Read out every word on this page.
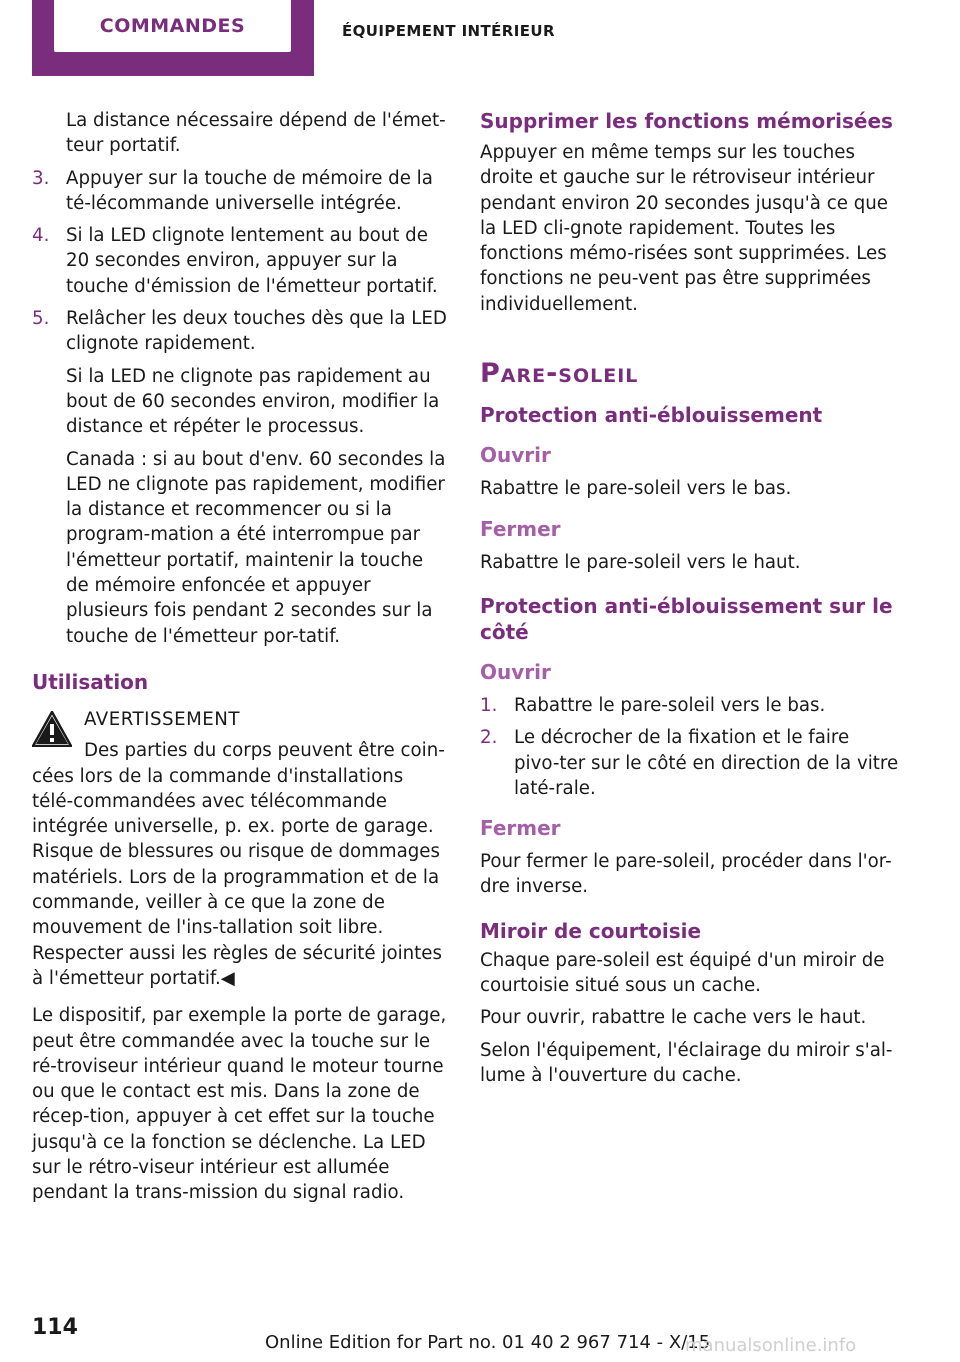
COMMANDES	ÉQUIPEMENT INTÉRIEUR

La distance nécessaire dépend de l'émet-teur portatif.

3. Appuyer sur la touche de mémoire de la té-lécommande universelle intégrée.
4. Si la LED clignote lentement au bout de 20 secondes environ, appuyer sur la touche d'émission de l'émetteur portatif.
5. Relâcher les deux touches dès que la LED clignote rapidement.

Si la LED ne clignote pas rapidement au bout de 60 secondes environ, modifier la distance et répéter le processus.

Canada : si au bout d'env. 60 secondes la LED ne clignote pas rapidement, modifier la distance et recommencer ou si la program-mation a été interrompue par l'émetteur portatif, maintenir la touche de mémoire enfoncée et appuyer plusieurs fois pendant 2 secondes sur la touche de l'émetteur por-tatif.

Utilisation
AVERTISSEMENT
Des parties du corps peuvent être coin-

cées lors de la commande d'installations télé-commandées avec télécommande intégrée universelle, p. ex. porte de garage. Risque de blessures ou risque de dommages matériels. Lors de la programmation et de la commande, veiller à ce que la zone de mouvement de l'ins-tallation soit libre. Respecter aussi les règles de sécurité jointes à l'émetteur portatif.◀

Le dispositif, par exemple la porte de garage, peut être commandée avec la touche sur le ré-troviseur intérieur quand le moteur tourne ou que le contact est mis. Dans la zone de récep-tion, appuyer à cet effet sur la touche jusqu'à ce la fonction se déclenche. La LED sur le rétro-viseur intérieur est allumée pendant la trans-mission du signal radio.

Supprimer les fonctions mémorisées

Appuyer en même temps sur les touches droite et gauche sur le rétroviseur intérieur pendant environ 20 secondes jusqu'à ce que la LED cli-gnote rapidement. Toutes les fonctions mémo-risées sont supprimées. Les fonctions ne peu-vent pas être supprimées individuellement.

Pare-soleil
Protection anti-éblouissement
Ouvrir

Rabattre le pare-soleil vers le bas.

Fermer

Rabattre le pare-soleil vers le haut.

Protection anti-éblouissement sur le côté
Ouvrir
1. Rabattre le pare-soleil vers le bas.
2. Le décrocher de la fixation et le faire pivo-ter sur le côté en direction de la vitre laté-rale.
Fermer

Pour fermer le pare-soleil, procéder dans l'or-dre inverse.

Miroir de courtoisie

Chaque pare-soleil est équipé d'un miroir de courtoisie situé sous un cache.

Pour ouvrir, rabattre le cache vers le haut.

Selon l'équipement, l'éclairage du miroir s'al-lume à l'ouverture du cache.

114
Online Edition for Part no. 01 40 2 967 714 - X/15
manualsonline.info
